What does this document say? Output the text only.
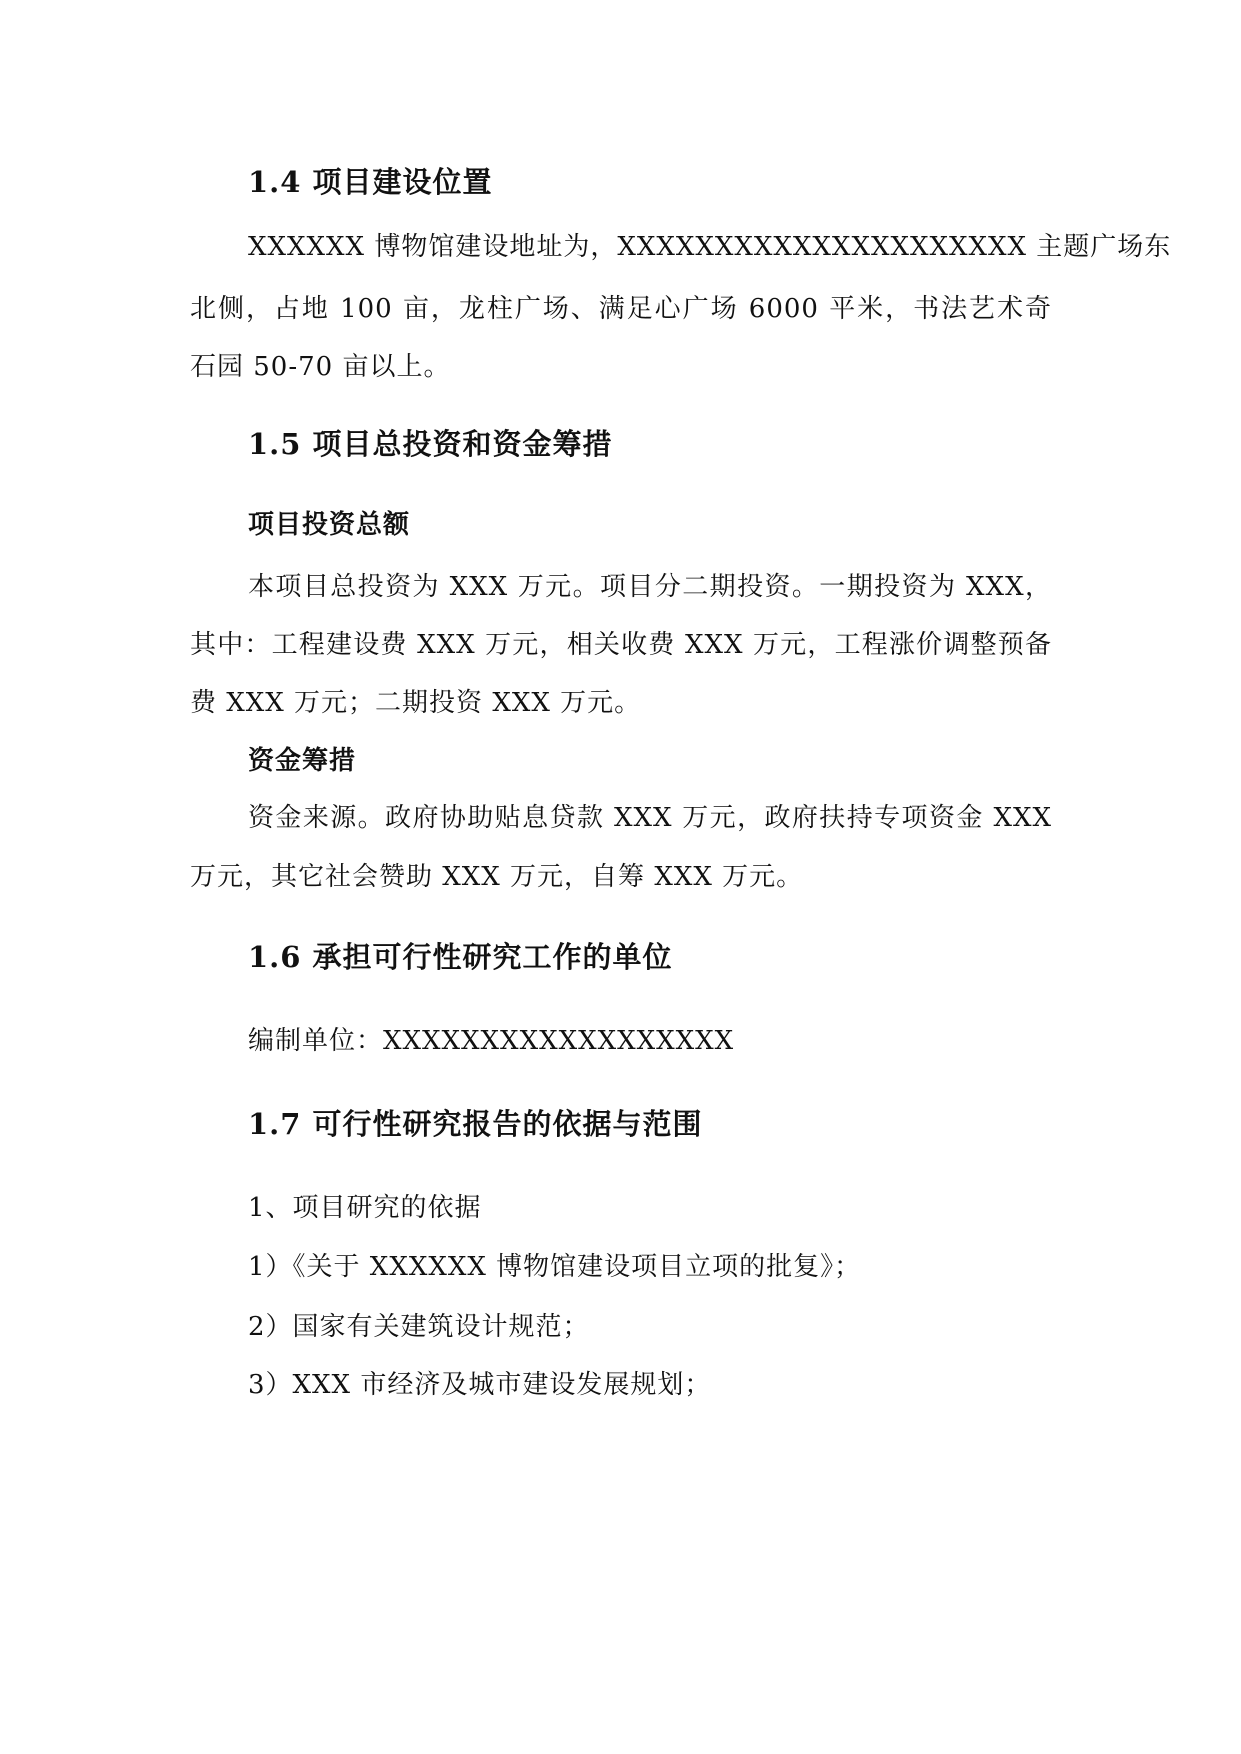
1.4 项目建设位置
XXXXXX 博物馆建设地址为，XXXXXXXXXXXXXXXXXXXXX 主题广场东
北侧，占地 100 亩，龙柱广场、满足心广场 6000 平米，书法艺术奇
石园 50-70 亩以上。
1.5 项目总投资和资金筹措
项目投资总额
本项目总投资为 XXX 万元。项目分二期投资。一期投资为 XXX，
其中：工程建设费 XXX 万元，相关收费 XXX 万元，工程涨价调整预备
费 XXX 万元；二期投资 XXX 万元。
资金筹措
资金来源。政府协助贴息贷款 XXX 万元，政府扶持专项资金 XXX
万元，其它社会赞助 XXX 万元，自筹 XXX 万元。
1.6 承担可行性研究工作的单位
编制单位：XXXXXXXXXXXXXXXXXX
1.7 可行性研究报告的依据与范围
1、项目研究的依据
1）《关于 XXXXXX 博物馆建设项目立项的批复》；
2）国家有关建筑设计规范；
3）XXX 市经济及城市建设发展规划；
